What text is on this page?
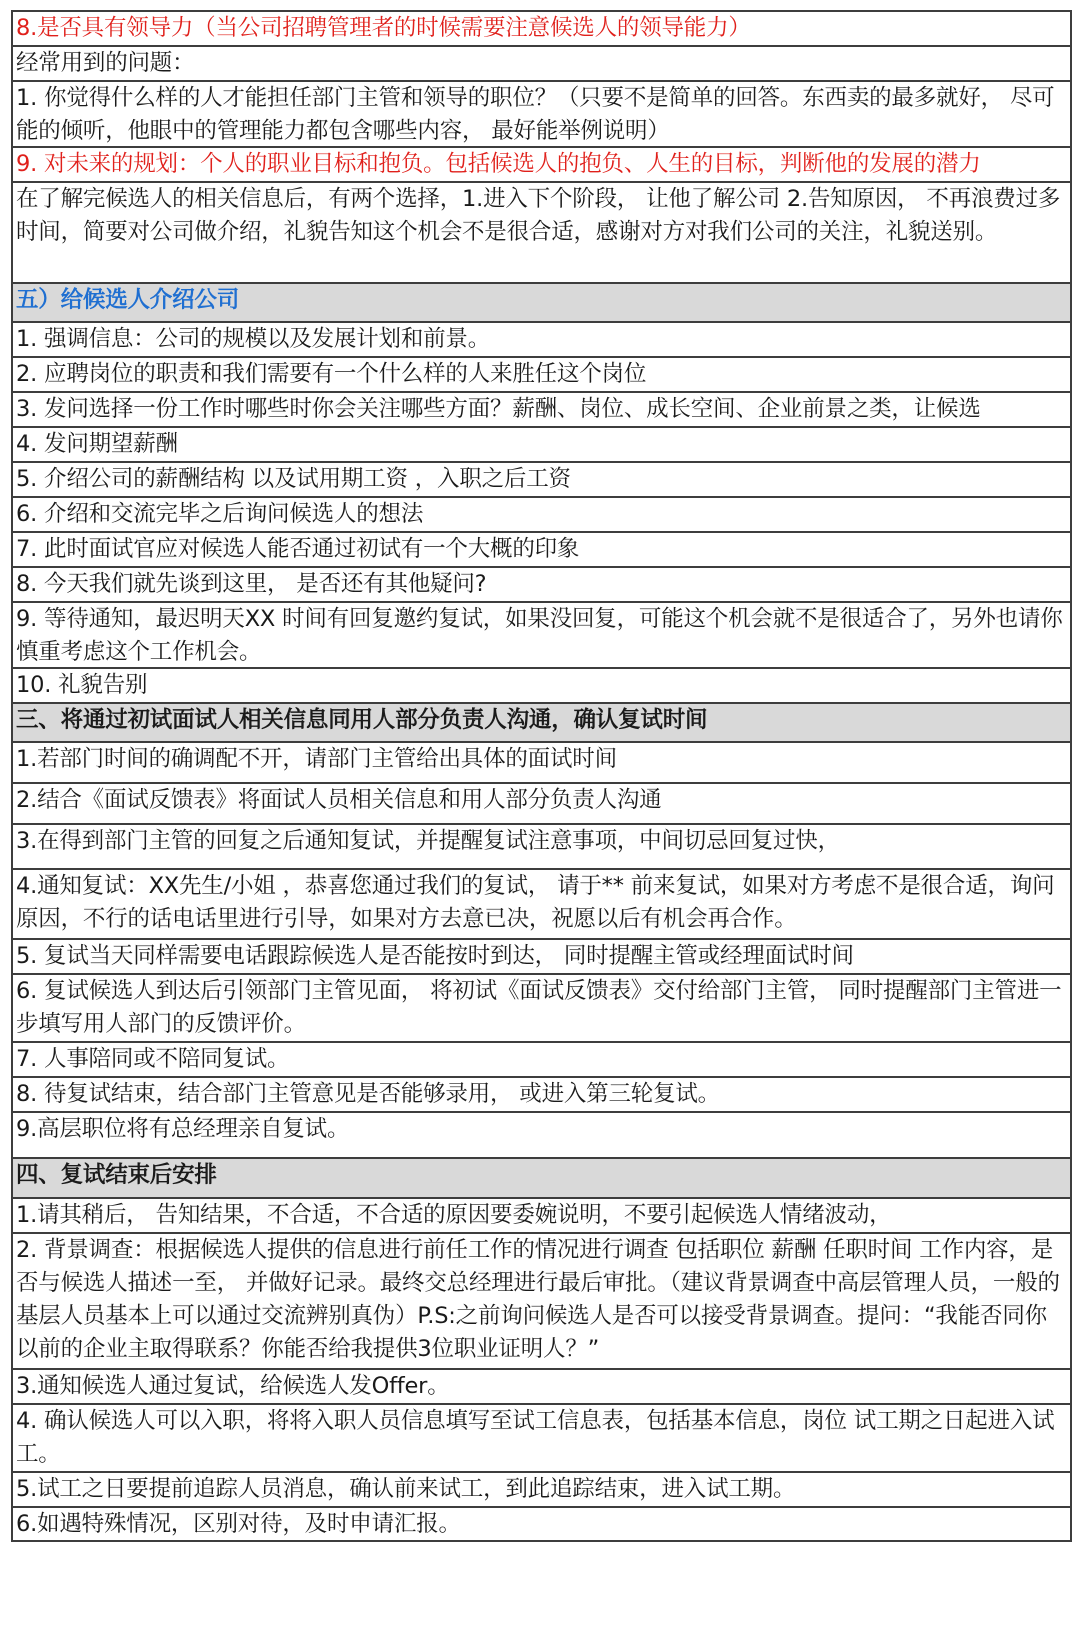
8.是否具有领导力（当公司招聘管理者的时候需要注意候选人的领导能力）
经常用到的问题：
1. 你觉得什么样的人才能担任部门主管和领导的职位？（只要不是简单的回答。东西卖的最多就好， 尽可能的倾听，他眼中的管理能力都包含哪些内容， 最好能举例说明）
9. 对未来的规划：个人的职业目标和抱负。包括候选人的抱负、人生的目标，判断他的发展的潜力
在了解完候选人的相关信息后，有两个选择，1.进入下个阶段， 让他了解公司 2.告知原因， 不再浪费过多时间，简要对公司做介绍，礼貌告知这个机会不是很合适，感谢对方对我们公司的关注，礼貌送别。
五）给候选人介绍公司
1. 强调信息：公司的规模以及发展计划和前景。
2. 应聘岗位的职责和我们需要有一个什么样的人来胜任这个岗位
3. 发问选择一份工作时哪些时你会关注哪些方面？薪酬、岗位、成长空间、企业前景之类，让候选
4. 发问期望薪酬
5. 介绍公司的薪酬结构 以及试用期工资 ，入职之后工资
6. 介绍和交流完毕之后询问候选人的想法
7. 此时面试官应对候选人能否通过初试有一个大概的印象
8. 今天我们就先谈到这里， 是否还有其他疑问?
9. 等待通知，最迟明天XX 时间有回复邀约复试，如果没回复，可能这个机会就不是很适合了，另外也请你慎重考虑这个工作机会。
10. 礼貌告别
三、将通过初试面试人相关信息同用人部分负责人沟通，确认复试时间
1.若部门时间的确调配不开，请部门主管给出具体的面试时间
2.结合《面试反馈表》将面试人员相关信息和用人部分负责人沟通
3.在得到部门主管的回复之后通知复试，并提醒复试注意事项，中间切忌回复过快，
4.通知复试：XX先生/小姐 ，恭喜您通过我们的复试， 请于** 前来复试，如果对方考虑不是很合适，询问原因，不行的话电话里进行引导，如果对方去意已决，祝愿以后有机会再合作。
5. 复试当天同样需要电话跟踪候选人是否能按时到达， 同时提醒主管或经理面试时间
6. 复试候选人到达后引领部门主管见面， 将初试《面试反馈表》交付给部门主管， 同时提醒部门主管进一步填写用人部门的反馈评价。
7. 人事陪同或不陪同复试。
8. 待复试结束，结合部门主管意见是否能够录用， 或进入第三轮复试。
9.高层职位将有总经理亲自复试。
四、复试结束后安排
1.请其稍后， 告知结果，不合适，不合适的原因要委婉说明，不要引起候选人情绪波动，
2. 背景调查：根据候选人提供的信息进行前任工作的情况进行调查 包括职位 薪酬 任职时间 工作内容，是否与候选人描述一至， 并做好记录。最终交总经理进行最后审批。（建议背景调查中高层管理人员，一般的基层人员基本上可以通过交流辨别真伪）P.S:之前询问候选人是否可以接受背景调查。提问：“我能否同你以前的企业主取得联系？你能否给我提供3位职业证明人？”
3.通知候选人通过复试，给候选人发Offer。
4. 确认候选人可以入职，将将入职人员信息填写至试工信息表，包括基本信息，岗位 试工期之日起进入试工。
5.试工之日要提前追踪人员消息，确认前来试工，到此追踪结束，进入试工期。
6.如遇特殊情况，区别对待，及时申请汇报。
